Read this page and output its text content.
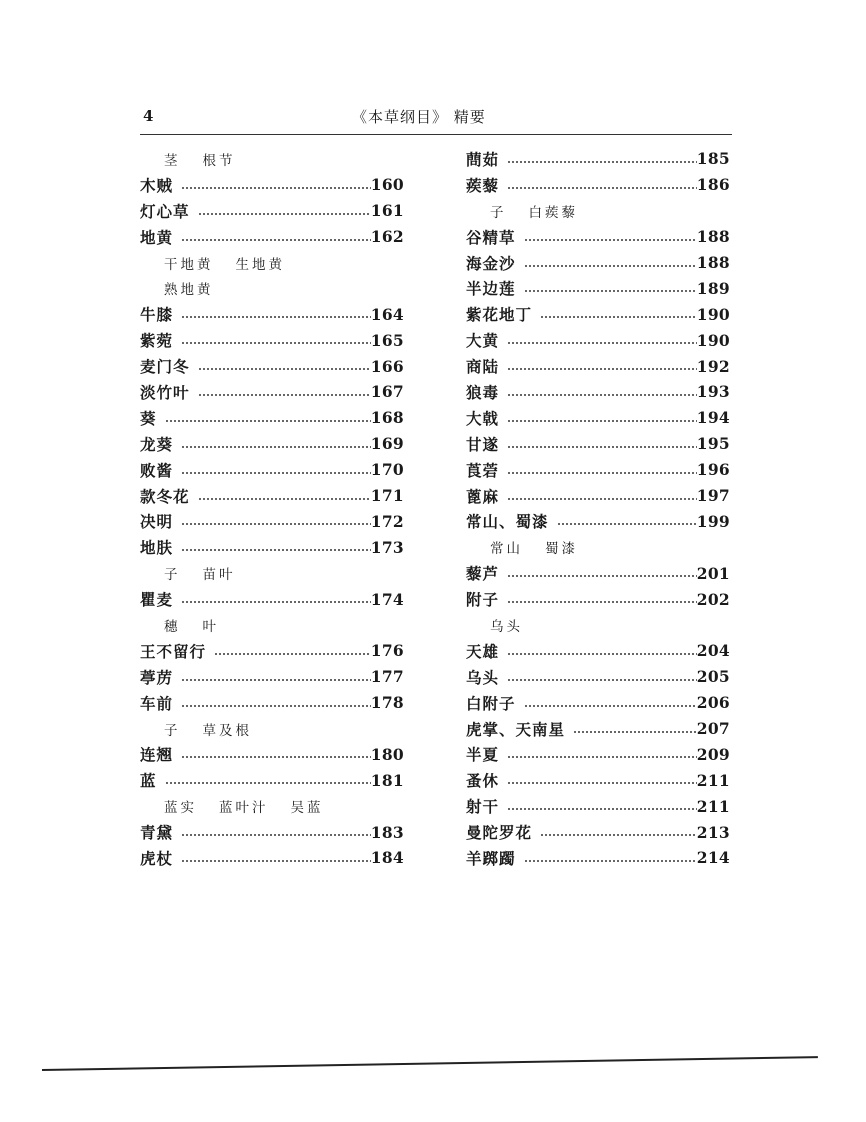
4	《本草纲目》 精要
茎 根节
木贼	160
灯心草	161
地黄	162
干地黄 生地黄
熟地黄
牛膝	164
紫菀	165
麦门冬	166
淡竹叶	167
葵	168
龙葵	169
败酱	170
款冬花	171
决明	172
地肤	173
子 苗叶
瞿麦	174
穗 叶
王不留行	176
葶苈	177
车前	178
子 草及根
连翘	180
蓝	181
蓝实 蓝叶汁 吴蓝
青黛	183
虎杖	184
蔄茹	185
蒺藜	186
子 白蒺藜
谷精草	188
海金沙	188
半边莲	189
紫花地丁	190
大黄	190
商陆	192
狼毒	193
大戟	194
甘遂	195
莨菪	196
蓖麻	197
常山、蜀漆	199
常山 蜀漆
藜芦	201
附子	202
乌头
天雄	204
乌头	205
白附子	206
虎掌、天南星	207
半夏	209
蚤休	211
射干	211
曼陀罗花	213
羊踯躅	214
